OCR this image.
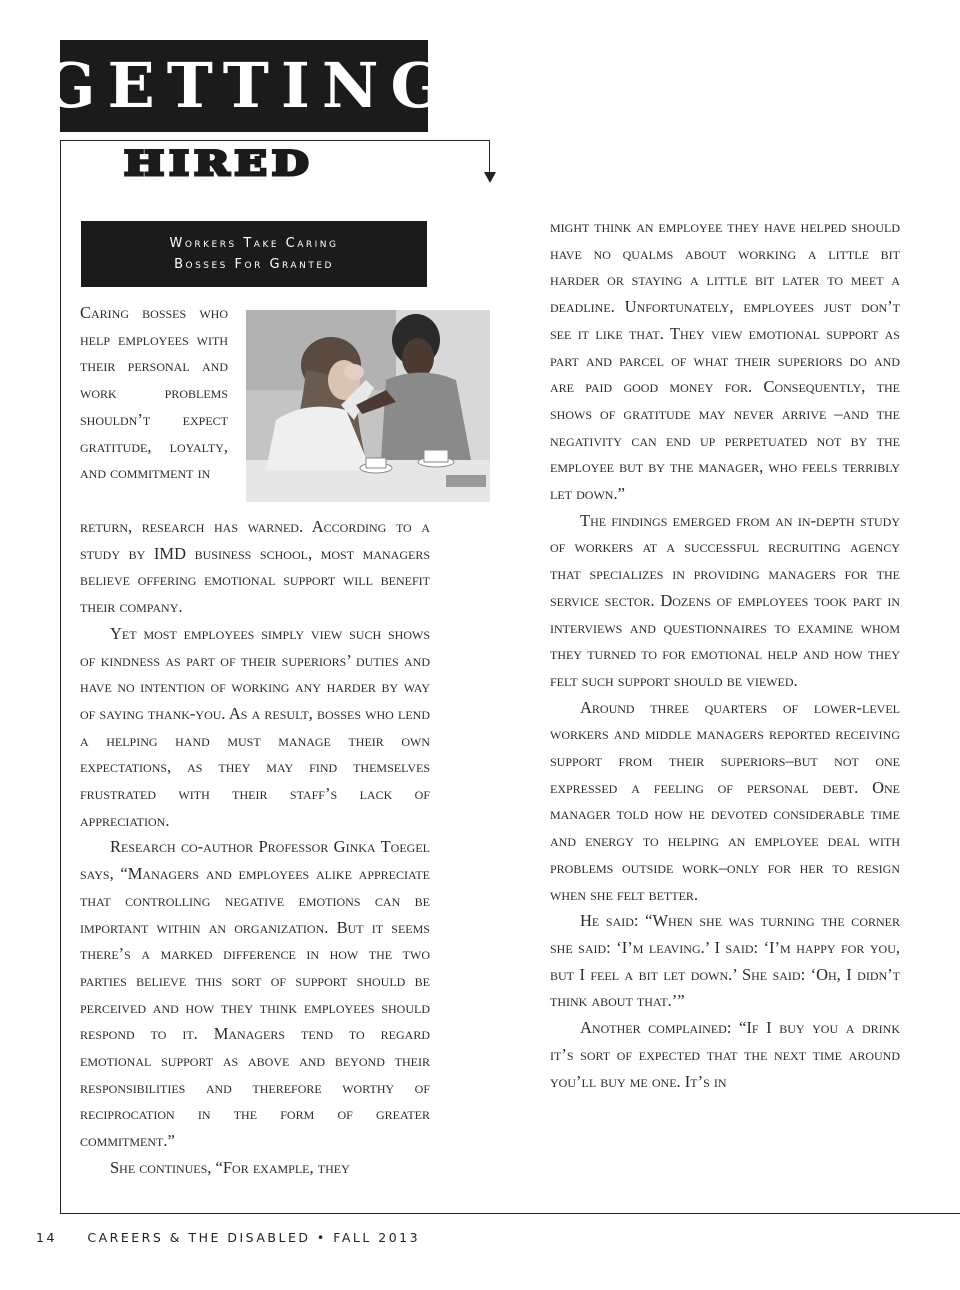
GETTING
HIRED
Workers Take Caring
Bosses For Granted

Caring bosses who help employees with their personal and work problems shouldn’t expect gratitude, loyalty, and commitment in

return, research has warned. According to a study by IMD business school, most managers believe offering emotional support will benefit their company.

Yet most employees simply view such shows of kindness as part of their superiors’ duties and have no intention of working any harder by way of saying thank-you. As a result, bosses who lend a helping hand must manage their own expectations, as they may find themselves frustrated with their staff’s lack of appreciation.

Research co-author Professor Ginka Toegel says, “Managers and employees alike appreciate that controlling negative emotions can be important within an organization. But it seems there’s a marked difference in how the two parties believe this sort of support should be perceived and how they think employees should respond to it. Managers tend to regard emotional support as above and beyond their responsibilities and therefore worthy of reciprocation in the form of greater commitment.”

She continues, “For example, they

might think an employee they have helped should have no qualms about working a little bit harder or staying a little bit later to meet a deadline. Unfortunately, employees just don’t see it like that. They view emotional support as part and parcel of what their superiors do and are paid good money for. Consequently, the shows of gratitude may never arrive –and the negativity can end up perpetuated not by the employee but by the manager, who feels terribly let down.”

The findings emerged from an in-depth study of workers at a successful recruiting agency that specializes in providing managers for the service sector. Dozens of employees took part in interviews and questionnaires to examine whom they turned to for emotional help and how they felt such support should be viewed.

Around three quarters of lower-level workers and middle managers reported receiving support from their superiors–but not one expressed a feeling of personal debt. One manager told how he devoted considerable time and energy to helping an employee deal with problems outside work–only for her to resign when she felt better.

He said: “When she was turning the corner she said: ‘I’m leaving.’ I said: ‘I’m happy for you, but I feel a bit let down.’ She said: ‘Oh, I didn’t think about that.’”

Another complained: “If I buy you a drink it’s sort of expected that the next time around you’ll buy me one. It’s in

14 CAREERS & THE DISABLED • FALL 2013
